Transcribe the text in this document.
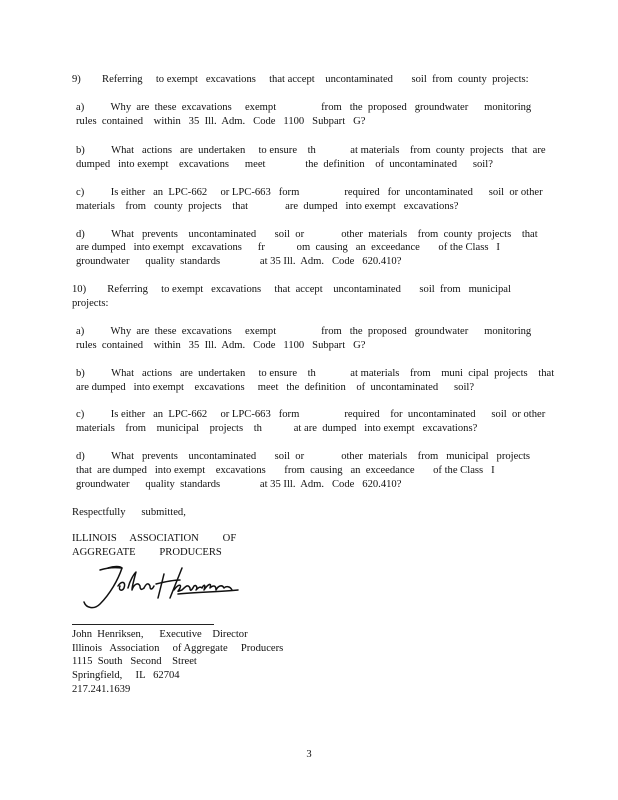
9)        Referring     to exempt   excavations     that accept    uncontaminated       soil  from  county  projects:
a)          Why  are  these  excavations     exempt                 from   the  proposed   groundwater      monitoring
rules  contained    within   35  Ill.  Adm.   Code   1100   Subpart   G?
b)          What   actions   are  undertaken     to ensure    th             at materials    from  county  projects   that  are
dumped   into exempt    excavations      meet               the  definition    of  uncontaminated      soil?
c)          Is either   an  LPC-662     or LPC-663   form                 required   for  uncontaminated      soil  or other
materials    from   county  projects    that              are  dumped   into exempt   excavations?
d)          What   prevents    uncontaminated       soil  or              other  materials    from  county  projects    that
are dumped   into exempt   excavations      fr            om  causing   an  exceedance       of the Class   I
groundwater      quality  standards               at 35 Ill.  Adm.   Code   620.410?
10)        Referring     to exempt   excavations     that  accept    uncontaminated       soil  from   municipal
projects:
a)          Why  are  these  excavations     exempt                 from   the  proposed   groundwater      monitoring
rules  contained    within   35  Ill.  Adm.   Code   1100   Subpart   G?
b)          What   actions   are  undertaken     to ensure    th             at materials    from    muni  cipal  projects    that
are dumped   into exempt    excavations     meet   the  definition    of  uncontaminated      soil?
c)          Is either   an  LPC-662     or LPC-663   form                 required    for  uncontaminated      soil  or other
materials    from    municipal    projects    th            at are  dumped   into exempt   excavations?
d)          What   prevents    uncontaminated       soil  or              other  materials    from   municipal   projects
that  are dumped   into exempt    excavations       from  causing   an  exceedance       of the Class   I
groundwater      quality  standards               at 35 Ill.  Adm.   Code   620.410?
Respectfully      submitted,
ILLINOIS     ASSOCIATION         OF
AGGREGATE         PRODUCERS
John  Henriksen,      Executive    Director
Illinois   Association     of Aggregate     Producers
1115  South   Second    Street
Springfield,     IL   62704
217.241.1639
3
